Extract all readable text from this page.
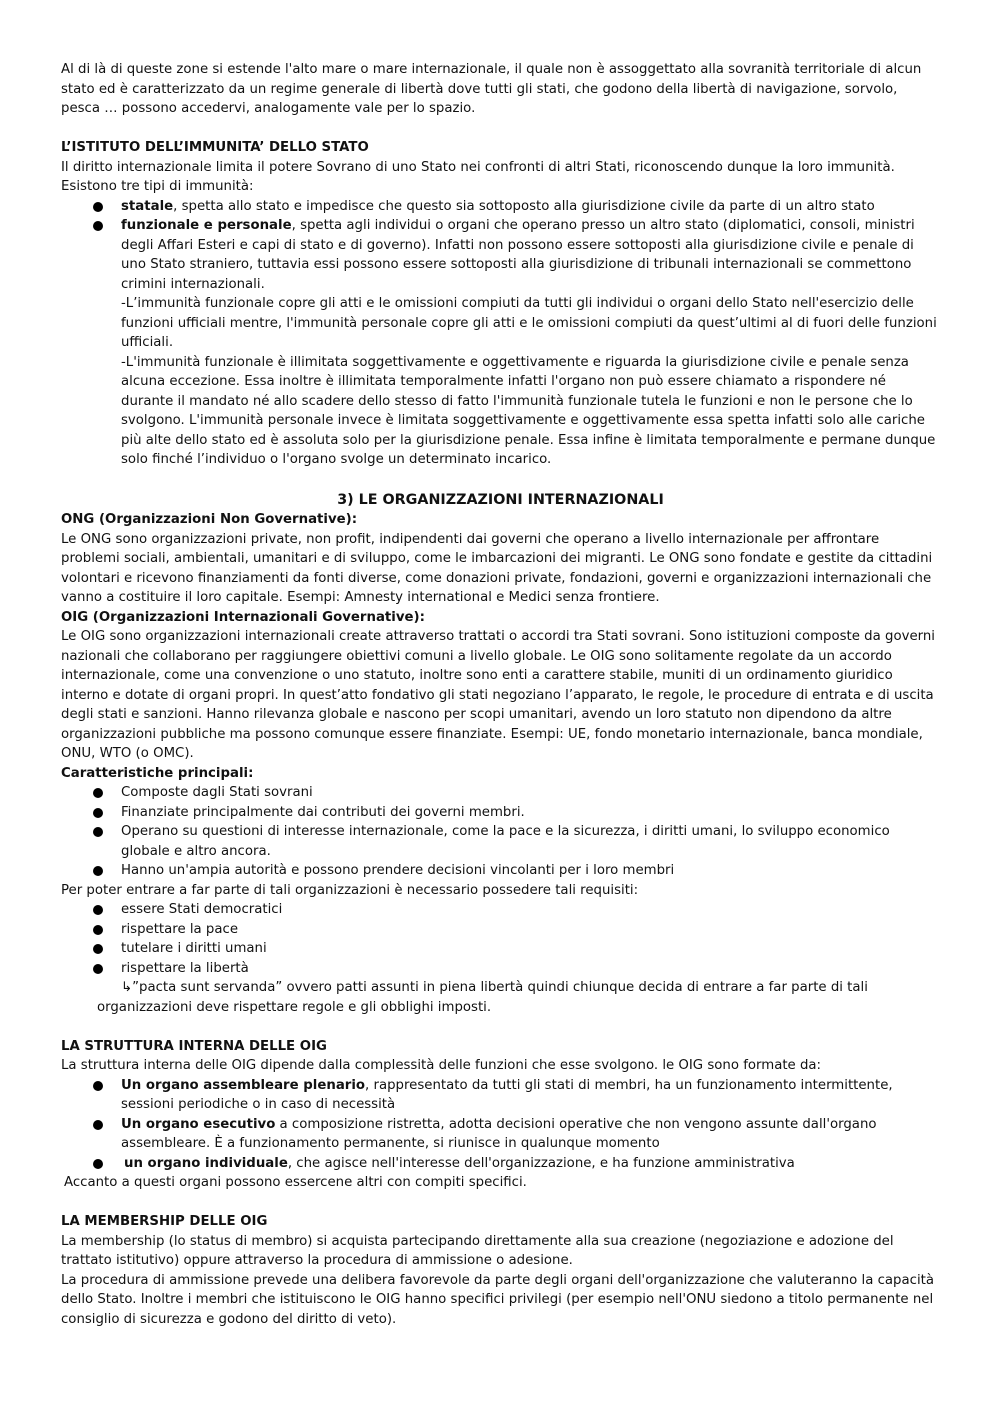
Al di là di queste zone si estende l'alto mare o mare internazionale, il quale non è assoggettato alla sovranità territoriale di alcun stato ed è caratterizzato da un regime generale di libertà dove tutti gli stati, che godono della libertà di navigazione, sorvolo, pesca … possono accedervi, analogamente vale per lo spazio.

L’ISTITUTO DELL’IMMUNITA’ DELLO STATO

Il diritto internazionale limita il potere Sovrano di uno Stato nei confronti di altri Stati, riconoscendo dunque la loro immunità. Esistono tre tipi di immunità:

statale, spetta allo stato e impedisce che questo sia sottoposto alla giurisdizione civile da parte di un altro stato
funzionale e personale, spetta agli individui o organi che operano presso un altro stato (diplomatici, consoli, ministri degli Affari Esteri e capi di stato e di governo). Infatti non possono essere sottoposti alla giurisdizione civile e penale di uno Stato straniero, tuttavia essi possono essere sottoposti alla giurisdizione di tribunali internazionali se commettono crimini internazionali.
-L’immunità funzionale copre gli atti e le omissioni compiuti da tutti gli individui o organi dello Stato nell'esercizio delle funzioni ufficiali mentre, l'immunità personale copre gli atti e le omissioni compiuti da quest’ultimi al di fuori delle funzioni ufficiali.
-L'immunità funzionale è illimitata soggettivamente e oggettivamente e riguarda la giurisdizione civile e penale senza alcuna eccezione. Essa inoltre è illimitata temporalmente infatti l'organo non può essere chiamato a rispondere né durante il mandato né allo scadere dello stesso di fatto l'immunità funzionale tutela le funzioni e non le persone che lo svolgono. L'immunità personale invece è limitata soggettivamente e oggettivamente essa spetta infatti solo alle cariche più alte dello stato ed è assoluta solo per la giurisdizione penale. Essa infine è limitata temporalmente e permane dunque solo finché l’individuo o l'organo svolge un determinato incarico.

3) LE ORGANIZZAZIONI INTERNAZIONALI

ONG (Organizzazioni Non Governative):

Le ONG sono organizzazioni private, non profit, indipendenti dai governi che operano a livello internazionale per affrontare problemi sociali, ambientali, umanitari e di sviluppo, come le imbarcazioni dei migranti. Le ONG sono fondate e gestite da cittadini volontari e ricevono finanziamenti da fonti diverse, come donazioni private, fondazioni, governi e organizzazioni internazionali che vanno a costituire il loro capitale. Esempi: Amnesty international e Medici senza frontiere.

OIG (Organizzazioni Internazionali Governative):

Le OIG sono organizzazioni internazionali create attraverso trattati o accordi tra Stati sovrani. Sono istituzioni composte da governi nazionali che collaborano per raggiungere obiettivi comuni a livello globale. Le OIG sono solitamente regolate da un accordo internazionale, come una convenzione o uno statuto, inoltre sono enti a carattere stabile, muniti di un ordinamento giuridico interno e dotate di organi propri. In quest’atto fondativo gli stati negoziano l’apparato, le regole, le procedure di entrata e di uscita degli stati e sanzioni. Hanno rilevanza globale e nascono per scopi umanitari, avendo un loro statuto non dipendono da altre organizzazioni pubbliche ma possono comunque essere finanziate. Esempi: UE, fondo monetario internazionale, banca mondiale, ONU, WTO (o OMC).

Caratteristiche principali:

Composte dagli Stati sovrani
Finanziate principalmente dai contributi dei governi membri.
Operano su questioni di interesse internazionale, come la pace e la sicurezza, i diritti umani, lo sviluppo economico globale e altro ancora.
Hanno un'ampia autorità e possono prendere decisioni vincolanti per i loro membri

Per poter entrare a far parte di tali organizzazioni è necessario possedere tali requisiti:

essere Stati democratici
rispettare la pace
tutelare i diritti umani
rispettare la libertà

↳”pacta sunt servanda” ovvero patti assunti in piena libertà quindi chiunque decida di entrare a far parte di tali

organizzazioni deve rispettare regole e gli obblighi imposti.

LA STRUTTURA INTERNA DELLE OIG

La struttura interna delle OIG dipende dalla complessità delle funzioni che esse svolgono. le OIG sono formate da:

Un organo assembleare plenario, rappresentato da tutti gli stati di membri, ha un funzionamento intermittente, sessioni periodiche o in caso di necessità
Un organo esecutivo a composizione ristretta, adotta decisioni operative che non vengono assunte dall'organo assembleare. È a funzionamento permanente, si riunisce in qualunque momento
un organo individuale, che agisce nell'interesse dell'organizzazione, e ha funzione amministrativa

Accanto a questi organi possono essercene altri con compiti specifici.

LA MEMBERSHIP DELLE OIG

La membership (lo status di membro) si acquista partecipando direttamente alla sua creazione (negoziazione e adozione del trattato istitutivo) oppure attraverso la procedura di ammissione o adesione.

La procedura di ammissione prevede una delibera favorevole da parte degli organi dell'organizzazione che valuteranno la capacità dello Stato. Inoltre i membri che istituiscono le OIG hanno specifici privilegi (per esempio nell'ONU siedono a titolo permanente nel consiglio di sicurezza e godono del diritto di veto).
